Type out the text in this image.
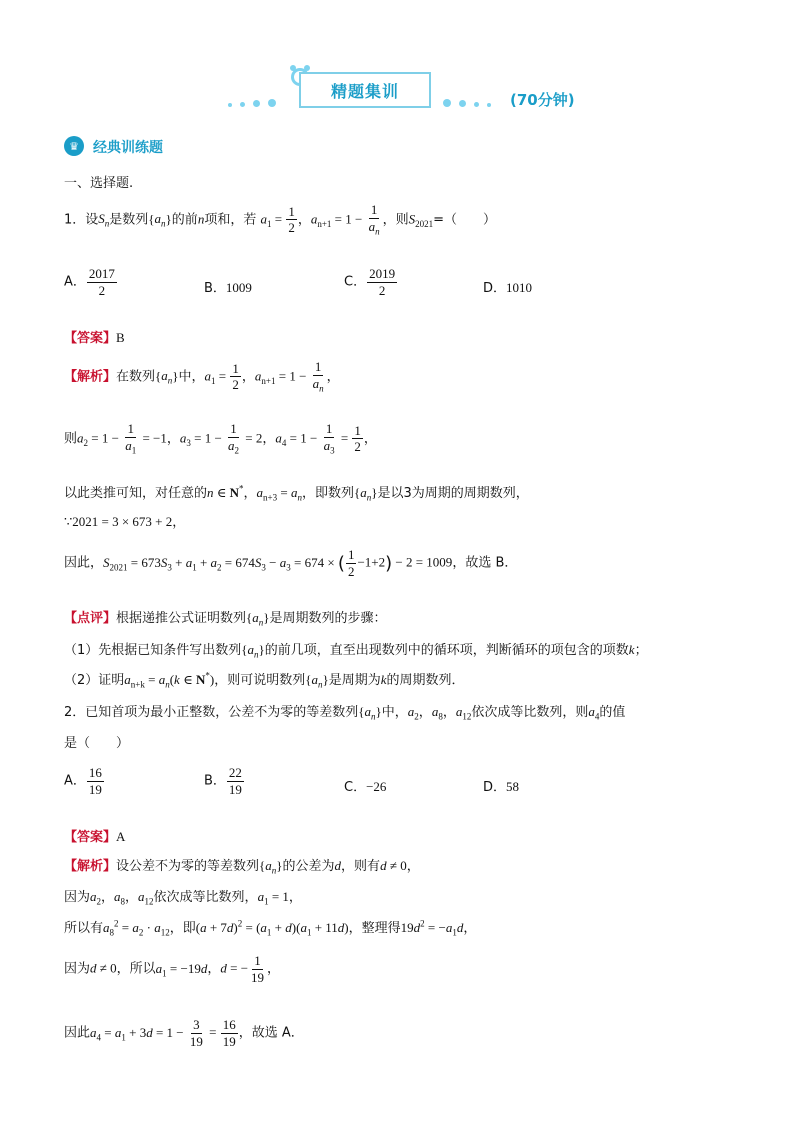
精题集训	(70分钟)
♛	经典训练题
一、选择题.
1．设$S_n$是数列$\{a_n\}$的前n项和，若 $a_1 = \frac{1}{2}$ ，$a_{n+1} = 1 - \frac{1}{a_n}$ ，则$S_{2021}=$（　　）
A． $\frac{2017}{2}$	B．1009	C． $\frac{2019}{2}$	D．1010
【答案】B
【解析】在数列$\{a_n\}$中，$a_1 = \frac{1}{2}$ ，$a_{n+1} = 1 - \frac{1}{a_n}$ ，
则$a_2 = 1 - \frac{1}{a_1} = -1$，$a_3 = 1 - \frac{1}{a_2} = 2$，$a_4 = 1 - \frac{1}{a_3} = \frac{1}{2}$ ，
以此类推可知，对任意的n ∈ N*，$a_{n+3} = a_n$，即数列$\{a_n\}$是以3为周期的周期数列，
∵2021 = 3 × 673 + 2，
因此，$S_{2021} = 673S_3 + a_1 + a_2 = 674S_3 - a_3 = 674$ × ( $\frac{1}{2} -1+2) - 2 = 1009$，故选 B．
【点评】根据递推公式证明数列$\{a_n\}$是周期数列的步骤：
（1）先根据已知条件写出数列$\{a_n\}$的前几项，直至出现数列中的循环项，判断循环的项包含的项数k；
（2）证明$a_{n+k} = a_n(k$ ∈ N*)，则可说明数列$\{a_n\}$是周期为k的周期数列．
2．已知首项为最小正整数，公差不为零的等差数列$\{a_n\}$中，$a_2$，$a_8$，$a_{12}$依次成等比数列，则$a_4$的值
是（　　）
A． $\frac{16}{19}$	B． $\frac{22}{19}$	C．−26	D．58
【答案】A
【解析】设公差不为零的等差数列$\{a_n\}$的公差为d，则有d ≠ 0，
因为$a_2$，$a_8$，$a_{12}$依次成等比数列，$a_1 = 1$，
所以有$a_8^2 = a_2 \cdot a_{12}$，即$(a + 7d)^2 = (a_1 + d)(a_1 + 11d)$，整理得$19d^2 = -a_1d$，
因为d ≠ 0，所以$a_1 = -19d$，d = − $\frac{1}{19}$ ，
因此$a_4 = a_1 + 3d = 1 - \frac{3}{19} = \frac{16}{19}$ ，故选 A．
